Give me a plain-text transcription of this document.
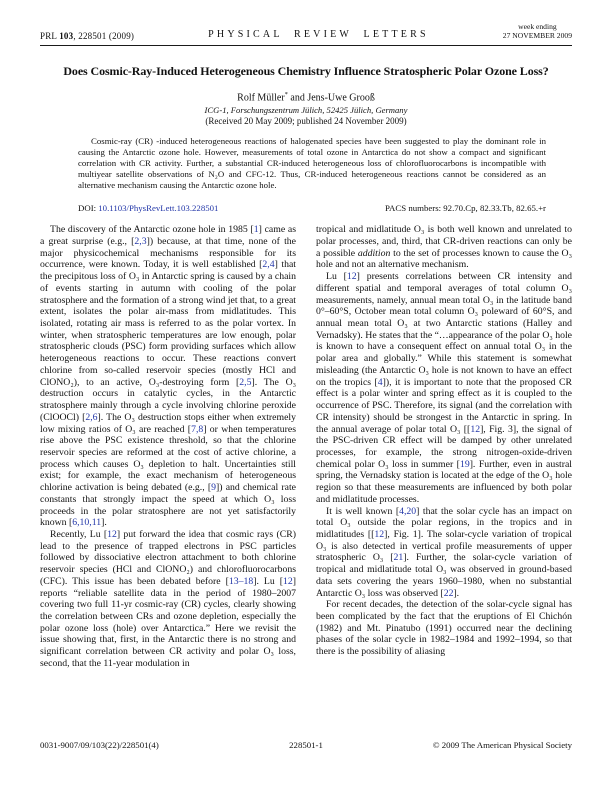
PRL 103, 228501 (2009)	PHYSICAL REVIEW LETTERS
week ending
27 NOVEMBER 2009
Does Cosmic-Ray-Induced Heterogeneous Chemistry Influence Stratospheric Polar Ozone Loss?
Rolf Müller* and Jens-Uwe Grooß
ICG-1, Forschungszentrum Jülich, 52425 Jülich, Germany
(Received 20 May 2009; published 24 November 2009)

Cosmic-ray (CR) -induced heterogeneous reactions of halogenated species have been suggested to play the dominant role in causing the Antarctic ozone hole. However, measurements of total ozone in Antarctica do not show a compact and significant correlation with CR activity. Further, a substantial CR-induced heterogeneous loss of chlorofluorocarbons is incompatible with multiyear satellite observations of N₂O and CFC-12. Thus, CR-induced heterogeneous reactions cannot be considered as an alternative mechanism causing the Antarctic ozone hole.

DOI: 10.1103/PhysRevLett.103.228501	PACS numbers: 92.70.Cp, 82.33.Tb, 82.65.+r

The discovery of the Antarctic ozone hole in 1985 [1] came as a great surprise (e.g., [2,3]) because, at that time, none of the major physicochemical mechanisms responsible for its occurrence, were known. Today, it is well established [2,4] that the precipitous loss of O₃ in Antarctic spring is caused by a chain of events starting in autumn with cooling of the polar stratosphere and the formation of a strong wind jet that, to a great extent, isolates the polar air-mass from midlatitudes. This isolated, rotating air mass is referred to as the polar vortex. In winter, when stratospheric temperatures are low enough, polar stratospheric clouds (PSC) form providing surfaces which allow heterogeneous reactions to occur. These reactions convert chlorine from so-called reservoir species (mostly HCl and ClONO₂), to an active, O₃-destroying form [2,5]. The O₃ destruction occurs in catalytic cycles, in the Antarctic stratosphere mainly through a cycle involving chlorine peroxide (ClOOCl) [2,6]. The O₃ destruction stops either when extremely low mixing ratios of O₃ are reached [7,8] or when temperatures rise above the PSC existence threshold, so that the chlorine reservoir species are reformed at the cost of active chlorine, a process which causes O₃ depletion to halt. Uncertainties still exist; for example, the exact mechanism of heterogeneous chlorine activation is being debated (e.g., [9]) and chemical rate constants that strongly impact the speed at which O₃ loss proceeds in the polar stratosphere are not yet satisfactorily known [6,10,11].

Recently, Lu [12] put forward the idea that cosmic rays (CR) lead to the presence of trapped electrons in PSC particles followed by dissociative electron attachment to both chlorine reservoir species (HCl and ClONO₂) and chlorofluorocarbons (CFC). This issue has been debated before [13–18]. Lu [12] reports “reliable satellite data in the period of 1980–2007 covering two full 11-yr cosmic-ray (CR) cycles, clearly showing the correlation between CRs and ozone depletion, especially the polar ozone loss (hole) over Antarctica.” Here we revisit the issue showing that, first, in the Antarctic there is no strong and significant correlation between CR activity and polar O₃ loss, second, that the 11-year modulation in

tropical and midlatitude O₃ is both well known and unrelated to polar processes, and, third, that CR-driven reactions can only be a possible addition to the set of processes known to cause the O₃ hole and not an alternative mechanism.

Lu [12] presents correlations between CR intensity and different spatial and temporal averages of total column O₃ measurements, namely, annual mean total O₃ in the latitude band 0°–60°S, October mean total column O₃ poleward of 60°S, and annual mean total O₃ at two Antarctic stations (Halley and Vernadsky). He states that the “…appearance of the polar O₃ hole is known to have a consequent effect on annual total O₃ in the polar area and globally.” While this statement is somewhat misleading (the Antarctic O₃ hole is not known to have an effect on the tropics [4]), it is important to note that the proposed CR effect is a polar winter and spring effect as it is coupled to the occurrence of PSC. Therefore, its signal (and the correlation with CR intensity) should be strongest in the Antarctic in spring. In the annual average of polar total O₃ [[12], Fig. 3], the signal of the PSC-driven CR effect will be damped by other unrelated processes, for example, the strong nitrogen-oxide-driven chemical polar O₃ loss in summer [19]. Further, even in austral spring, the Vernadsky station is located at the edge of the O₃ hole region so that these measurements are influenced by both polar and midlatitude processes.

It is well known [4,20] that the solar cycle has an impact on total O₃ outside the polar regions, in the tropics and in midlatitudes [[12], Fig. 1]. The solar-cycle variation of tropical O₃ is also detected in vertical profile measurements of upper stratospheric O₃ [21]. Further, the solar-cycle variation of tropical and midlatitude total O₃ was observed in ground-based data sets covering the years 1960–1980, when no substantial Antarctic O₃ loss was observed [22].

For recent decades, the detection of the solar-cycle signal has been complicated by the fact that the eruptions of El Chichón (1982) and Mt. Pinatubo (1991) occurred near the declining phases of the solar cycle in 1982–1984 and 1992–1994, so that there is the possibility of aliasing

228501-1
0031-9007/09/103(22)/228501(4)	© 2009 The American Physical Society
